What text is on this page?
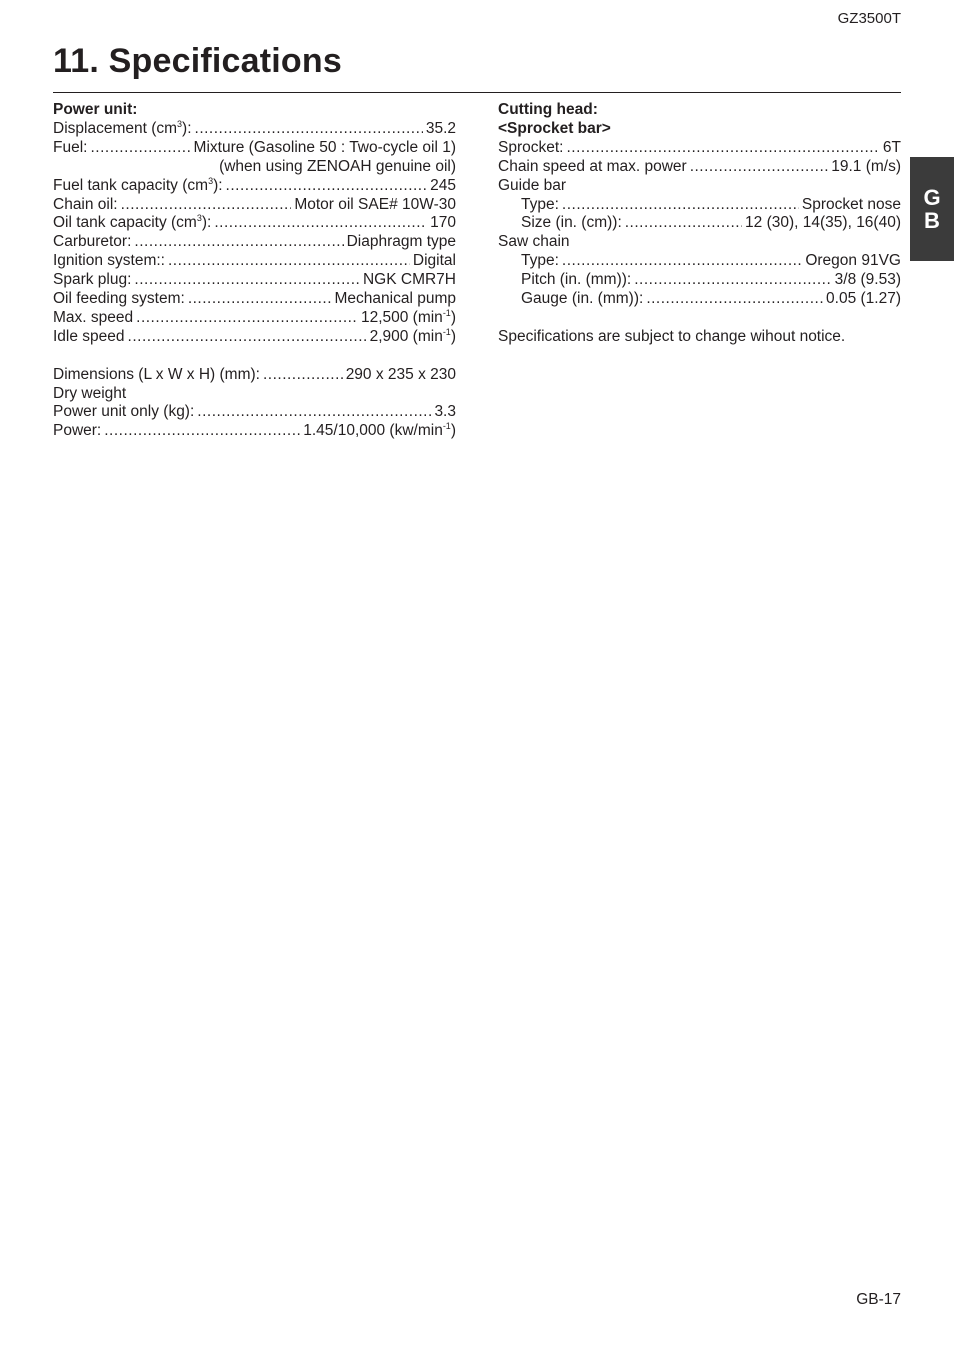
GZ3500T
11. Specifications
G
B
Power unit:
Displacement $(cm^3)$: .....	35.2
Fuel: .....	Mixture (Gasoline 50 : Two-cycle oil 1)
(when using ZENOAH genuine oil)
Fuel tank capacity $(cm^3)$: .....	245
Chain oil: .....	Motor oil SAE# 10W-30
Oil tank capacity $(cm^3)$: .....	170
Carburetor: .....	Diaphragm type
Ignition system:: .....	Digital
Spark plug: .....	NGK CMR7H
Oil feeding system: .....	Mechanical pump
Max. speed .....	12,500 $(\min^{-1})$
Idle speed .....	2,900 $(\min^{-1})$
Dimensions (L x W x H) (mm): .....	290 x 235 x 230
Dry weight
Power unit only (kg): .....	3.3
Power: .....	1.45/10,000 $(kw/\min^{-1})$
Cutting head:
<Sprocket bar>
Sprocket: .....	6T
Chain speed at max. power .....	19.1 (m/s)
Guide bar
Type: .....	Sprocket nose
Size (in. (cm)): .....	12 (30), 14(35), 16(40)
Saw chain
Type: .....	Oregon 91VG
Pitch (in. (mm)): .....	3/8 (9.53)
Gauge (in. (mm)): .....	0.05 (1.27)
Specifications are subject to change wihout notice.
GB-17
